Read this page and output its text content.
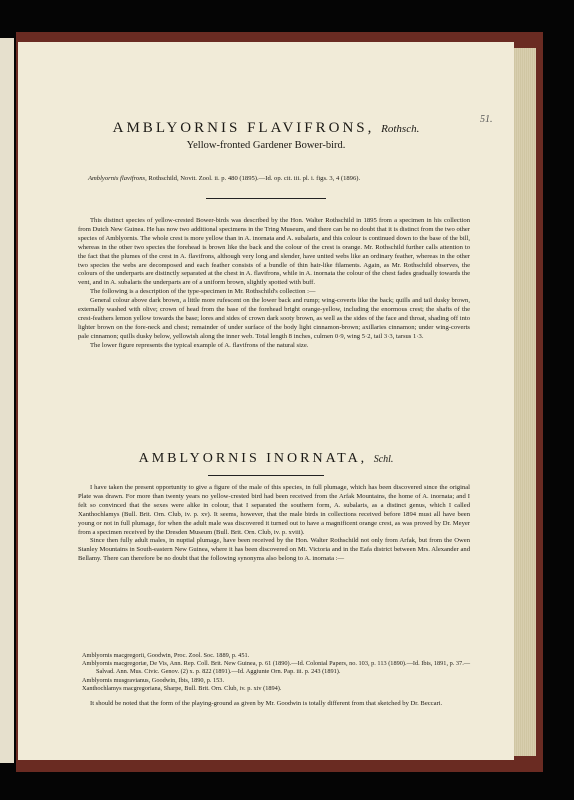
51.
AMBLYORNIS FLAVIFRONS, Rothsch.
Yellow-fronted Gardener Bower-bird.
Amblyornis flavifrons, Rothschild, Novit. Zool. ii. p. 480 (1895).—Id. op. cit. iii. pl. i. figs. 3, 4 (1896).

This distinct species of yellow-crested Bower-birds was described by the Hon. Walter Rothschild in 1895 from a specimen in his collection from Dutch New Guinea. He has now two additional specimens in the Tring Museum, and there can be no doubt that it is distinct from the two other species of Amblyornis. The whole crest is more yellow than in A. inornata and A. subalaris, and this colour is continued down to the base of the bill, whereas in the other two species the forehead is brown like the back and the colour of the crest is orange. Mr. Rothschild further calls attention to the fact that the plumes of the crest in A. flavifrons, although very long and slender, have united webs like an ordinary feather, whereas in the other two species the webs are decomposed and each feather consists of a bundle of thin hair-like filaments. Again, as Mr. Rothschild observes, the colours of the underparts are distinctly separated at the chest in A. flavifrons, while in A. inornata the colour of the chest fades gradually towards the vent, and in A. subalaris the underparts are of a uniform brown, slightly spotted with buff.

The following is a description of the type-specimen in Mr. Rothschild's collection :—

General colour above dark brown, a little more rufescent on the lower back and rump; wing-coverts like the back; quills and tail dusky brown, externally washed with olive; crown of head from the base of the forehead bright orange-yellow, including the enormous crest; the shafts of the crest-feathers lemon yellow towards the base; lores and sides of crown dark sooty brown, as well as the sides of the face and throat, shading off into lighter brown on the fore-neck and chest; remainder of under surface of the body light cinnamon-brown; axillaries cinnamon; under wing-coverts pale cinnamon; quills dusky below, yellowish along the inner web. Total length 8 inches, culmen 0·9, wing 5·2, tail 3·3, tarsus 1·3.

The lower figure represents the typical example of A. flavifrons of the natural size.

AMBLYORNIS INORNATA, Schl.

I have taken the present opportunity to give a figure of the male of this species, in full plumage, which has been discovered since the original Plate was drawn. For more than twenty years no yellow-crested bird had been received from the Arfak Mountains, the home of A. inornata; and I felt so convinced that the sexes were alike in colour, that I separated the southern form, A. subalaris, as a distinct genus, which I called Xanthochlamys (Bull. Brit. Orn. Club, iv. p. xv). It seems, however, that the male birds in collections received before 1894 must all have been young or not in full plumage, for when the adult male was discovered it turned out to have a magnificent orange crest, as was proved by Dr. Meyer from a specimen received by the Dresden Museum (Bull. Brit. Orn. Club, iv. p. xviii).

Since then fully adult males, in nuptial plumage, have been received by the Hon. Walter Rothschild not only from Arfak, but from the Owen Stanley Mountains in South-eastern New Guinea, where it has been discovered on Mt. Victoria and in the Eafa district between Mrs. Alexander and Bellamy. There can therefore be no doubt that the following synonyms also belong to A. inornata :—

Amblyornis macgregorii, Goodwin, Proc. Zool. Soc. 1889, p. 451.
Amblyornis macgregoriæ, De Vis, Ann. Rep. Coll. Brit. New Guinea, p. 61 (1890).—Id. Colonial Papers, no. 103, p. 113 (1890).—Id. Ibis, 1891, p. 37.—Salvad. Ann. Mus. Civic. Genov. (2) x. p. 822 (1891).—Id. Aggiunte Orn. Pap. iii. p. 243 (1891).
Amblyornis musgravianus, Goodwin, Ibis, 1890, p. 153.
Xanthochlamys macgregoriana, Sharpe, Bull. Brit. Orn. Club, iv. p. xiv (1894).

It should be noted that the form of the playing-ground as given by Mr. Goodwin is totally different from that sketched by Dr. Beccari.
